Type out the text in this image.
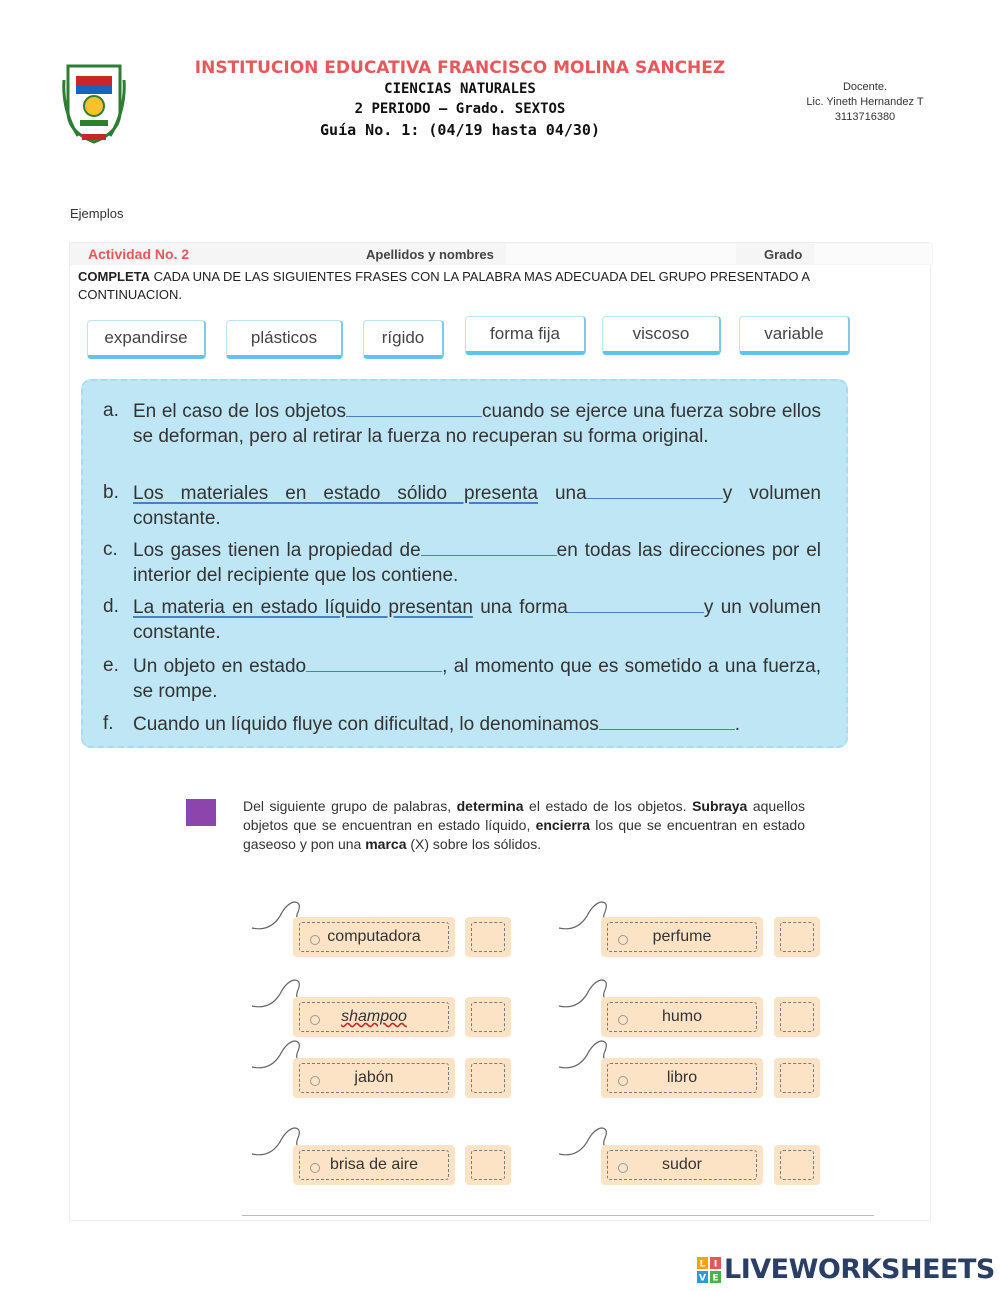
INSTITUCION EDUCATIVA FRANCISCO MOLINA SANCHEZ
CIENCIAS NATURALES
2 PERIODO – Grado. SEXTOS
Guía No. 1: (04/19 hasta 04/30)
Docente.
Lic. Yineth Hernandez T
3113716380
Ejemplos
Actividad No. 2	Apellidos y nombres	Grado
COMPLETA CADA UNA DE LAS SIGUIENTES FRASES CON LA PALABRA MAS ADECUADA DEL GRUPO PRESENTADO A CONTINUACION.
expandirse	plásticos	rígido	forma fija	viscoso	variable
a. En el caso de los objetos	cuando se ejerce una fuerza sobre ellos se deforman, pero al retirar la fuerza no recuperan su forma original.
b. Los materiales en estado sólido presenta una	y volumen constante.
c. Los gases tienen la propiedad de	en todas las direcciones por el interior del recipiente que los contiene.
d. La materia en estado líquido presentan una forma	y un volumen constante.
e. Un objeto en estado	, al momento que es sometido a una fuerza, se rompe.
f.	Cuando un líquido fluye con dificultad, lo denominamos	.
Del siguiente grupo de palabras, determina el estado de los objetos. Subraya aquellos objetos que se encuentran en estado líquido, encierra los que se encuentran en estado gaseoso y pon una marca (X) sobre los sólidos.
computadora
shampoo
jabón
brisa de aire
perfume
humo
libro
sudor
L I
V E LIVEWORKSHEETS
